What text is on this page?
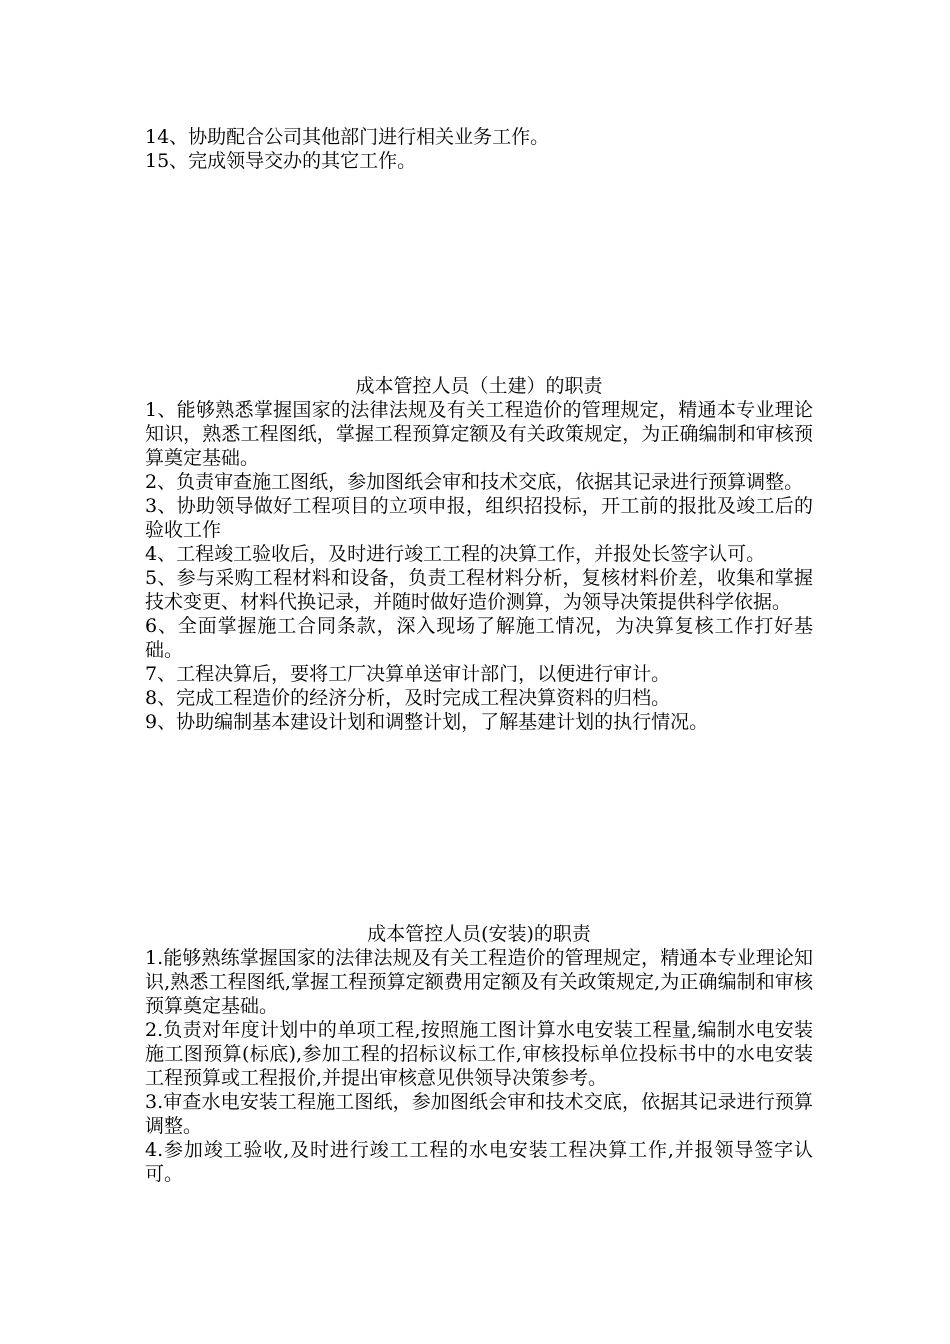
14、协助配合公司其他部门进行相关业务工作。

15、完成领导交办的其它工作。

成本管控人员（土建）的职责

1、能够熟悉掌握国家的法律法规及有关工程造价的管理规定，精通本专业理论知识，熟悉工程图纸，掌握工程预算定额及有关政策规定，为正确编制和审核预算奠定基础。

2、负责审查施工图纸，参加图纸会审和技术交底，依据其记录进行预算调整。

3、协助领导做好工程项目的立项申报，组织招投标，开工前的报批及竣工后的验收工作

4、工程竣工验收后，及时进行竣工工程的决算工作，并报处长签字认可。

5、参与采购工程材料和设备，负责工程材料分析，复核材料价差，收集和掌握技术变更、材料代换记录，并随时做好造价测算，为领导决策提供科学依据。

6、全面掌握施工合同条款，深入现场了解施工情况，为决算复核工作打好基础。

7、工程决算后，要将工厂决算单送审计部门，以便进行审计。

8、完成工程造价的经济分析，及时完成工程决算资料的归档。

9、协助编制基本建设计划和调整计划，了解基建计划的执行情况。

成本管控人员(安装)的职责

1.能够熟练掌握国家的法律法规及有关工程造价的管理规定，精通本专业理论知识,熟悉工程图纸,掌握工程预算定额费用定额及有关政策规定,为正确编制和审核预算奠定基础。

2.负责对年度计划中的单项工程,按照施工图计算水电安装工程量,编制水电安装施工图预算(标底),参加工程的招标议标工作,审核投标单位投标书中的水电安装工程预算或工程报价,并提出审核意见供领导决策参考。

3.审查水电安装工程施工图纸，参加图纸会审和技术交底，依据其记录进行预算调整。

4.参加竣工验收,及时进行竣工工程的水电安装工程决算工作,并报领导签字认可。
